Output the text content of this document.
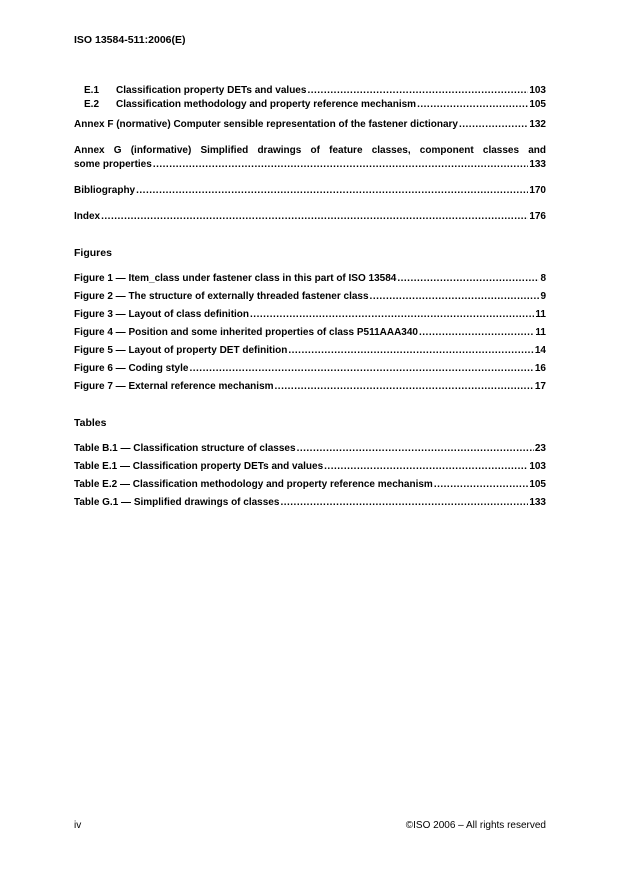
ISO 13584-511:2006(E)
E.1	Classification property DETs and values .....	103
E.2	Classification methodology and property reference mechanism .....	105
Annex F (normative) Computer sensible representation of the fastener dictionary .....	132
Annex G (informative) Simplified drawings of feature classes, component classes and
some properties .....	133
Bibliography .....	170
Index .....	176
Figures
Figure 1 — Item_class under fastener class in this part of ISO 13584 .....	8
Figure 2 — The structure of externally threaded fastener class .....	9
Figure 3 — Layout of class definition .....	11
Figure 4 — Position and some inherited properties of class P511AAA340 .....	11
Figure 5 — Layout of property DET definition .....	14
Figure 6 — Coding style .....	16
Figure 7 — External reference mechanism .....	17
Tables
Table B.1 — Classification structure of classes .....	23
Table E.1 — Classification property DETs and values .....	103
Table E.2 — Classification methodology and property reference mechanism .....	105
Table G.1 — Simplified drawings of classes .....	133
iv	©ISO 2006 – All rights reserved
